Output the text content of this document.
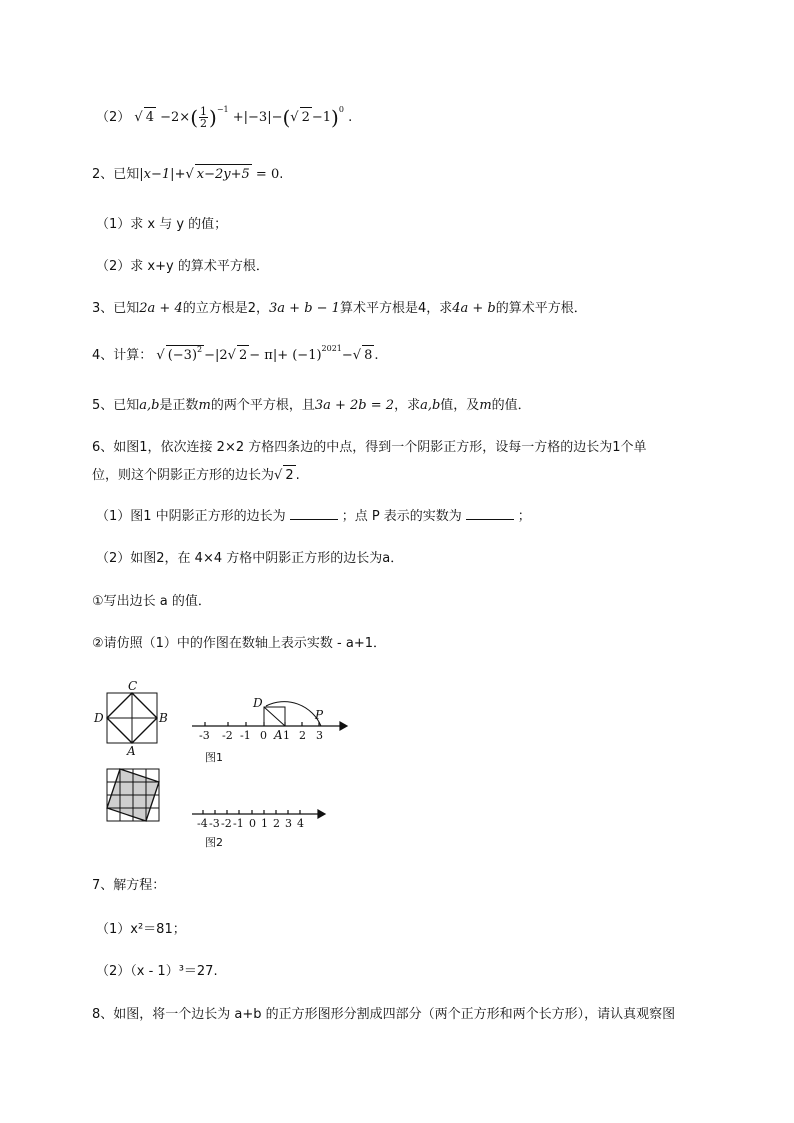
（2） √ $4 -2\times( \frac{1}{2} )^{-1} +|-3|-(√$ 2 −1)$^0$ .
2、已知|x−1|+√ x−2y+5 = 0.
（1）求 x 与 y 的值；
（2）求 x+y 的算术平方根．
3、已知2a + 4的立方根是2，3a + b − 1算术平方根是4，求4a + b的算术平方根．
4、计算： √ $(-3)^2 -|2√$ $2 - \pi|+ (-1)^{2021}-√$ 8 .
5、已知a,b是正数m的两个平方根，且3a + 2b = 2，求a,b值，及m的值．
6、如图1，依次连接 2×2 方格四条边的中点，得到一个阴影正方形，设每一方格的边长为1个单
位，则这个阴影正方形的边长为√ 2 .
（1）图1 中阴影正方形的边长为	；点 P 表示的实数为	；
（2）如图2，在 4×4 方格中阴影正方形的边长为a．
①写出边长 a 的值．
②请仿照（1）中的作图在数轴上表示实数 - a+1．
C
D	B
A
D
P
-3 -2 -1 0 A 1 2 3
图1
-4 -3 -2 -1 0 1 2 3 4
图2
7、解方程：
（1）x²＝81；
（2）（x - 1）³＝27.
8、如图，将一个边长为 a+b 的正方形图形分割成四部分（两个正方形和两个长方形），请认真观察图
